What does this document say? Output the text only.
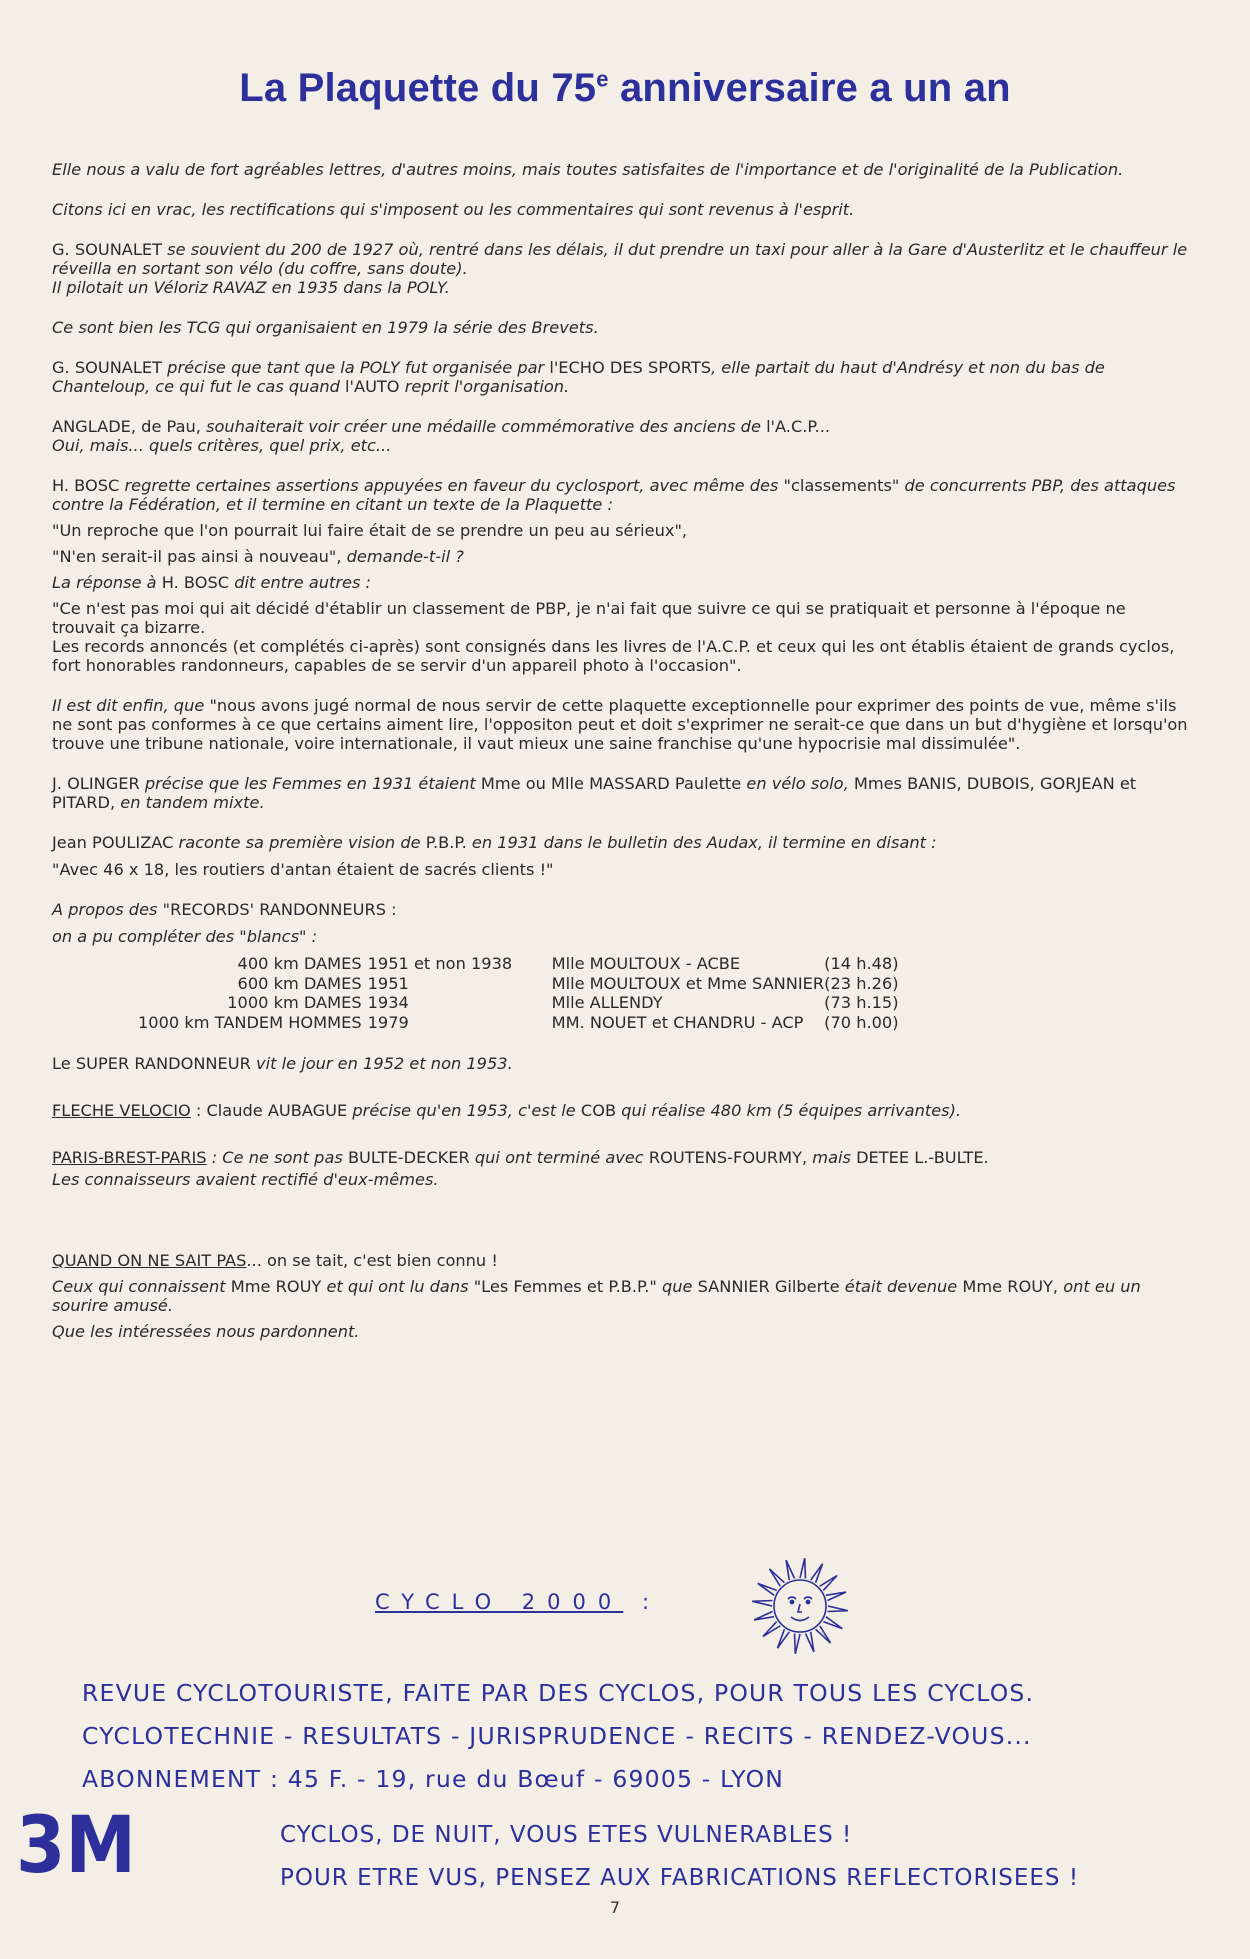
La Plaquette du 75e anniversaire a un an

Elle nous a valu de fort agréables lettres, d'autres moins, mais toutes satisfaites de l'importance et de l'originalité de la Publication.

Citons ici en vrac, les rectifications qui s'imposent ou les commentaires qui sont revenus à l'esprit.

G. SOUNALET se souvient du 200 de 1927 où, rentré dans les délais, il dut prendre un taxi pour aller à la Gare d'Austerlitz et le chauffeur le réveilla en sortant son vélo (du coffre, sans doute).
Il pilotait un Véloriz RAVAZ en 1935 dans la POLY.

Ce sont bien les TCG qui organisaient en 1979 la série des Brevets.

G. SOUNALET précise que tant que la POLY fut organisée par l'ECHO DES SPORTS, elle partait du haut d'Andrésy et non du bas de Chanteloup, ce qui fut le cas quand l'AUTO reprit l'organisation.

ANGLADE, de Pau, souhaiterait voir créer une médaille commémorative des anciens de l'A.C.P...
Oui, mais... quels critères, quel prix, etc...

H. BOSC regrette certaines assertions appuyées en faveur du cyclosport, avec même des "classements" de concurrents PBP, des attaques contre la Fédération, et il termine en citant un texte de la Plaquette :

"Un reproche que l'on pourrait lui faire était de se prendre un peu au sérieux",

"N'en serait-il pas ainsi à nouveau", demande-t-il ?

La réponse à H. BOSC dit entre autres :

"Ce n'est pas moi qui ait décidé d'établir un classement de PBP, je n'ai fait que suivre ce qui se pratiquait et personne à l'époque ne trouvait ça bizarre.
Les records annoncés (et complétés ci-après) sont consignés dans les livres de l'A.C.P. et ceux qui les ont établis étaient de grands cyclos, fort honorables randonneurs, capables de se servir d'un appareil photo à l'occasion".

Il est dit enfin, que "nous avons jugé normal de nous servir de cette plaquette exceptionnelle pour exprimer des points de vue, même s'ils ne sont pas conformes à ce que certains aiment lire, l'oppositon peut et doit s'exprimer ne serait-ce que dans un but d'hygiène et lorsqu'on trouve une tribune nationale, voire internationale, il vaut mieux une saine franchise qu'une hypocrisie mal dissimulée".

J. OLINGER précise que les Femmes en 1931 étaient Mme ou Mlle MASSARD Paulette en vélo solo, Mmes BANIS, DUBOIS, GORJEAN et PITARD, en tandem mixte.

Jean POULIZAC raconte sa première vision de P.B.P. en 1931 dans le bulletin des Audax, il termine en disant :
"Avec 46 x 18, les routiers d'antan étaient de sacrés clients !"

A propos des "RECORDS' RANDONNEURS :
on a pu compléter des "blancs" :

400 km DAMES	1951 et non 1938	Mlle MOULTOUX - ACBE	(14 h.48)
600 km DAMES	1951	Mlle MOULTOUX et Mme SANNIER	(23 h.26)
1000 km DAMES	1934	Mlle ALLENDY	(73 h.15)
1000 km TANDEM HOMMES	1979	MM. NOUET et CHANDRU - ACP	(70 h.00)

Le SUPER RANDONNEUR vit le jour en 1952 et non 1953.

FLECHE VELOCIO : Claude AUBAGUE précise qu'en 1953, c'est le COB qui réalise 480 km (5 équipes arrivantes).

PARIS-BREST-PARIS : Ce ne sont pas BULTE-DECKER qui ont terminé avec ROUTENS-FOURMY, mais DETEE L.-BULTE.
Les connaisseurs avaient rectifié d'eux-mêmes.

QUAND ON NE SAIT PAS... on se tait, c'est bien connu !

Ceux qui connaissent Mme ROUY et qui ont lu dans "Les Femmes et P.B.P." que SANNIER Gilberte était devenue Mme ROUY, ont eu un sourire amusé.

Que les intéressées nous pardonnent.

CYCLO 2000 :
REVUE CYCLOTOURISTE, FAITE PAR DES CYCLOS, POUR TOUS LES CYCLOS.
CYCLOTECHNIE - RESULTATS - JURISPRUDENCE - RECITS - RENDEZ-VOUS...
ABONNEMENT : 45 F. - 19, rue du Bœuf - 69005 - LYON
3M	CYCLOS, DE NUIT, VOUS ETES VULNERABLES !
POUR ETRE VUS, PENSEZ AUX FABRICATIONS REFLECTORISEES !
7
